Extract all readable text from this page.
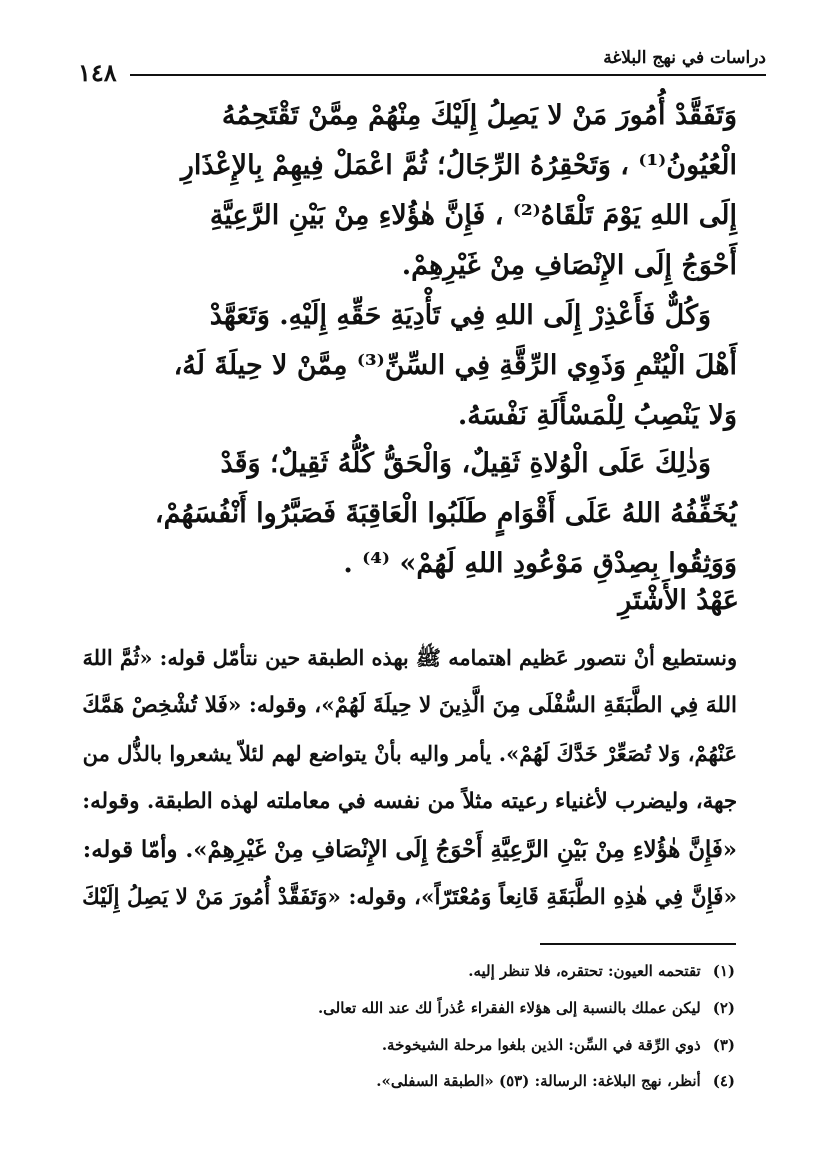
دراسات في نهج البلاغة
١٤٨
وَتَفَقَّدْ أُمُورَ مَنْ لا يَصِلُ إِلَيْكَ مِنْهُمْ مِمَّنْ تَقْتَحِمُهُ
الْعُيُونُ⁽¹⁾ ، وَتَحْقِرُهُ الرِّجَالُ؛ ثُمَّ اعْمَلْ فِيهِمْ بِالإِعْذَارِ
إِلَى اللهِ يَوْمَ تَلْقَاهُ⁽²⁾ ، فَإِنَّ هٰؤُلاءِ مِنْ بَيْنِ الرَّعِيَّةِ
أَحْوَجُ إِلَى الإِنْصَافِ مِنْ غَيْرِهِمْ.
وَكُلٌّ فَأَعْذِرْ إِلَى اللهِ فِي تَأْدِيَةِ حَقِّهِ إِلَيْهِ. وَتَعَهَّدْ
أَهْلَ الْيُتْمِ وَذَوِي الرِّقَّةِ فِي السِّنِّ⁽³⁾ مِمَّنْ لا حِيلَةَ لَهُ،
وَلا يَنْصِبُ لِلْمَسْأَلَةِ نَفْسَهُ.
وَذٰلِكَ عَلَى الْوُلاةِ ثَقِيلٌ، وَالْحَقُّ كُلُّهُ ثَقِيلٌ؛ وَقَدْ
يُخَفِّفُهُ اللهُ عَلَى أَقْوَامٍ طَلَبُوا الْعَاقِبَةَ فَصَبَّرُوا أَنْفُسَهُمْ،
وَوَثِقُوا بِصِدْقِ مَوْعُودِ اللهِ لَهُمْ» ⁽⁴⁾ .
عَهْدُ الأَشْتَرِ
ونستطيع أنْ نتصور عَظيم اهتمامه ﷺ بهذه الطبقة حين نتأمّل قوله: «ثُمَّ اللهَ
اللهَ فِي الطَّبَقَةِ السُّفْلَى مِنَ الَّذِينَ لا حِيلَةَ لَهُمْ»، وقوله: «فَلا تُشْخِصْ هَمَّكَ
عَنْهُمْ، وَلا تُصَعِّرْ خَدَّكَ لَهُمْ». يأمر واليه بأنْ يتواضع لهم لئلاّ يشعروا بالذُّل من
جهة، وليضرب لأغنياء رعيته مثلاً من نفسه في معاملته لهذه الطبقة. وقوله:
«فَإِنَّ هٰؤُلاءِ مِنْ بَيْنِ الرَّعِيَّةِ أَحْوَجُ إِلَى الإِنْصَافِ مِنْ غَيْرِهِمْ». وأمّا قوله:
«فَإِنَّ فِي هٰذِهِ الطَّبَقَةِ قَانِعاً وَمُعْتَرّاً»، وقوله: «وَتَفَقَّدْ أُمُورَ مَنْ لا يَصِلُ إِلَيْكَ
(١)تقتحمه العيون: تحتقره، فلا تنظر إليه.
(٢)ليكن عملك بالنسبة إلى هؤلاء الفقراء عُذراً لك عند الله تعالى.
(٣)ذوي الرِّقة في السِّن: الذين بلغوا مرحلة الشيخوخة.
(٤)أنظر، نهج البلاغة: الرسالة: (٥٣) «الطبقة السفلى».
